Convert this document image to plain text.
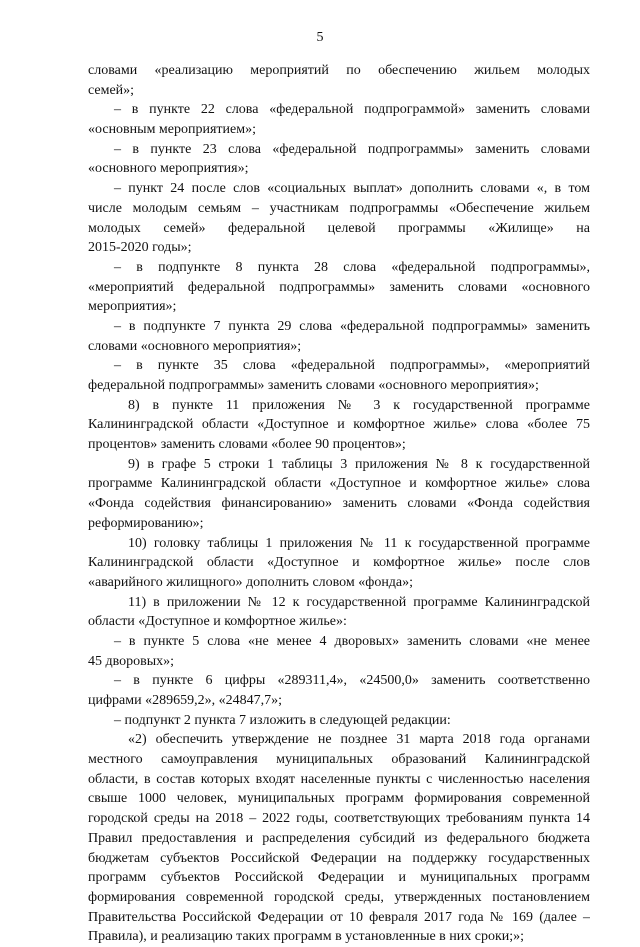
5
словами «реализацию мероприятий по обеспечению жильем молодых
семей»;
– в пункте 22 слова «федеральной подпрограммой» заменить словами
«основным мероприятием»;
– в пункте 23 слова «федеральной подпрограммы» заменить словами
«основного мероприятия»;
– пункт 24 после слов «социальных выплат» дополнить словами «, в том
числе молодым семьям – участникам подпрограммы «Обеспечение жильем
молодых семей» федеральной целевой программы «Жилище» на
2015-2020 годы»;
– в подпункте 8 пункта 28 слова «федеральной подпрограммы»,
«мероприятий федеральной подпрограммы» заменить словами «основного
мероприятия»;
– в подпункте 7 пункта 29 слова «федеральной подпрограммы» заменить
словами «основного мероприятия»;
– в пункте 35 слова «федеральной подпрограммы», «мероприятий
федеральной подпрограммы» заменить словами «основного мероприятия»;
8) в пункте 11 приложения № 3 к государственной программе
Калининградской области «Доступное и комфортное жилье» слова «более 75
процентов» заменить словами «более 90 процентов»;
9) в графе 5 строки 1 таблицы 3 приложения № 8 к государственной
программе Калининградской области «Доступное и комфортное жилье» слова
«Фонда содействия финансированию» заменить словами «Фонда содействия
реформированию»;
10) головку таблицы 1 приложения № 11 к государственной программе
Калининградской области «Доступное и комфортное жилье» после слов
«аварийного жилищного» дополнить словом «фонда»;
11) в приложении № 12 к государственной программе Калининградской
области «Доступное и комфортное жилье»:
– в пункте 5 слова «не менее 4 дворовых» заменить словами «не менее
45 дворовых»;
– в пункте 6 цифры «289311,4», «24500,0» заменить соответственно
цифрами «289659,2», «24847,7»;
– подпункт 2 пункта 7 изложить в следующей редакции:
«2) обеспечить утверждение не позднее 31 марта 2018 года органами
местного самоуправления муниципальных образований Калининградской
области, в состав которых входят населенные пункты с численностью населения
свыше 1000 человек, муниципальных программ формирования современной
городской среды на 2018 – 2022 годы, соответствующих требованиям пункта 14
Правил предоставления и распределения субсидий из федерального бюджета
бюджетам субъектов Российской Федерации на поддержку государственных
программ субъектов Российской Федерации и муниципальных программ
формирования современной городской среды, утвержденных постановлением
Правительства Российской Федерации от 10 февраля 2017 года № 169 (далее –
Правила), и реализацию таких программ в установленные в них сроки;»;
